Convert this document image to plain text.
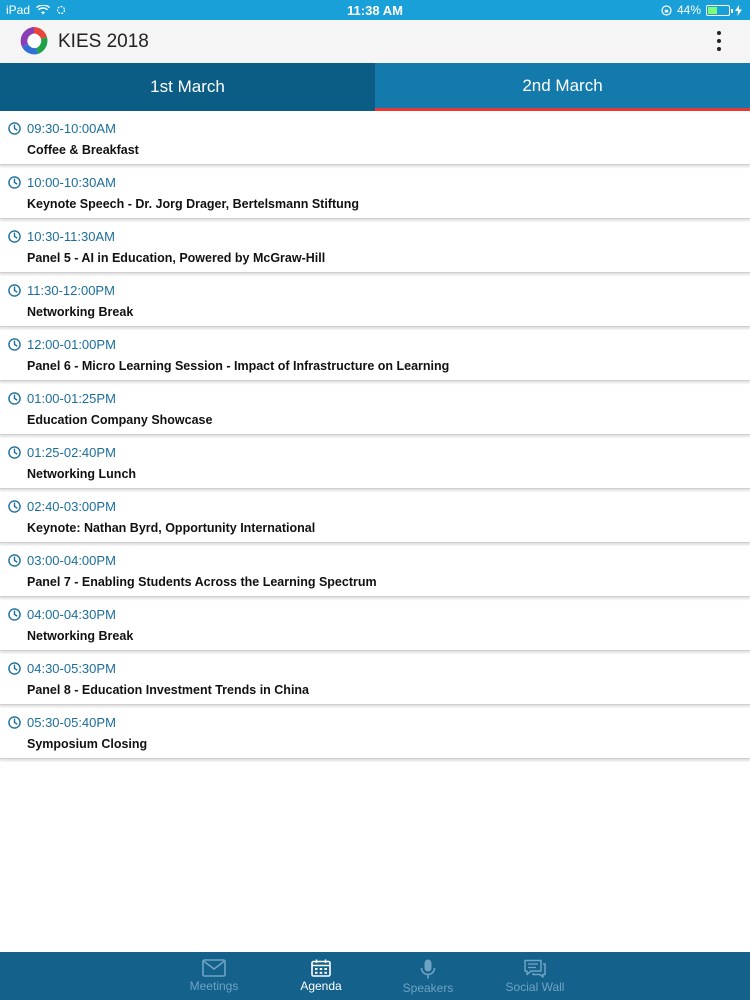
iPad	11:38 AM	44%
KIES 2018
1st March	2nd March
09:30-10:00AM
Coffee & Breakfast
10:00-10:30AM
Keynote Speech - Dr. Jorg Drager, Bertelsmann Stiftung
10:30-11:30AM
Panel 5 - AI in Education, Powered by McGraw-Hill
11:30-12:00PM
Networking Break
12:00-01:00PM
Panel 6 - Micro Learning Session - Impact of Infrastructure on Learning
01:00-01:25PM
Education Company Showcase
01:25-02:40PM
Networking Lunch
02:40-03:00PM
Keynote: Nathan Byrd, Opportunity International
03:00-04:00PM
Panel 7 - Enabling Students Across the Learning Spectrum
04:00-04:30PM
Networking Break
04:30-05:30PM
Panel 8 - Education Investment Trends in China
05:30-05:40PM
Symposium Closing
Meetings	Agenda	Speakers	Social Wall
